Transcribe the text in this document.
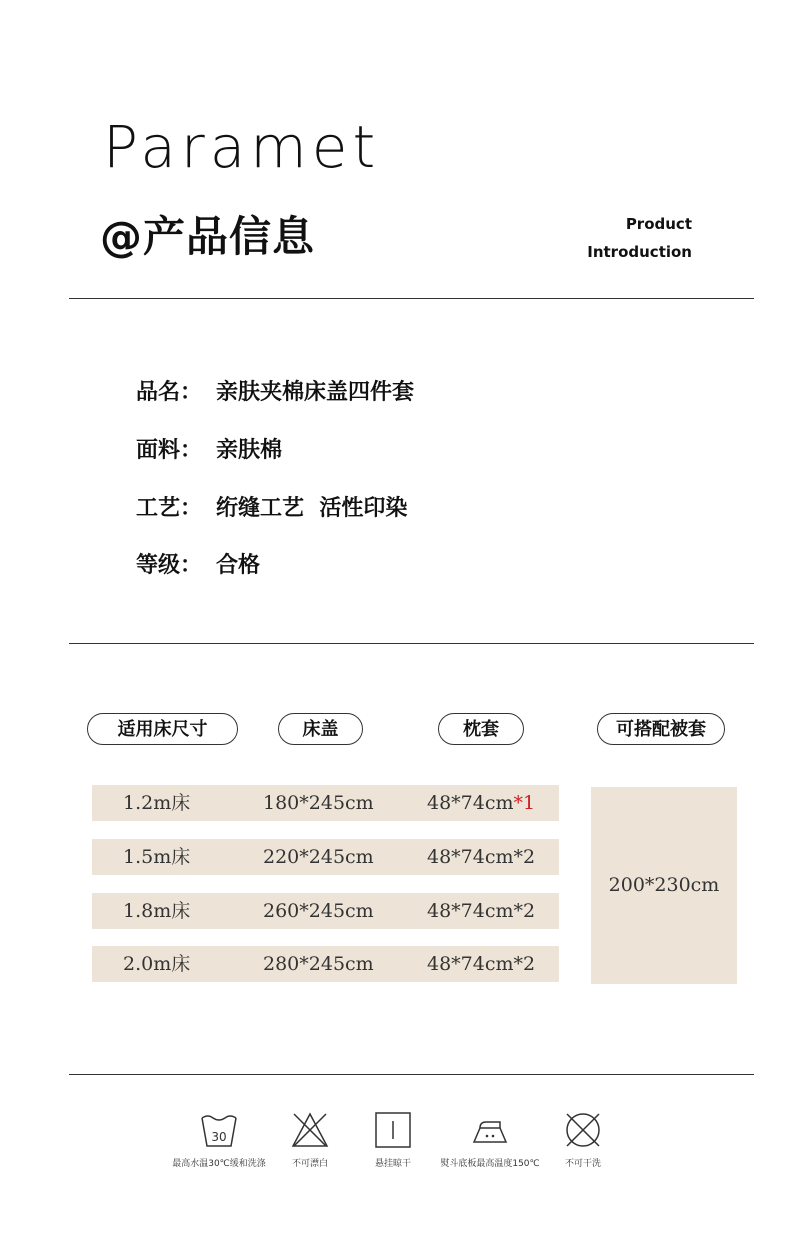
Paramet
@产品信息	Product
Introduction
品名： 亲肤夹棉床盖四件套
面料： 亲肤棉
工艺： 绗缝工艺  活性印染
等级： 合格
适用床尺寸	床盖	枕套	可搭配被套
1.2m床	180*245cm	48*74cm*1
1.5m床	220*245cm	48*74cm*2
1.8m床	260*245cm	48*74cm*2
2.0m床	280*245cm	48*74cm*2
200*230cm
30
最高水温30℃缓和洗涤	不可漂白	悬挂晾干	熨斗底板最高温度150℃	不可干洗
